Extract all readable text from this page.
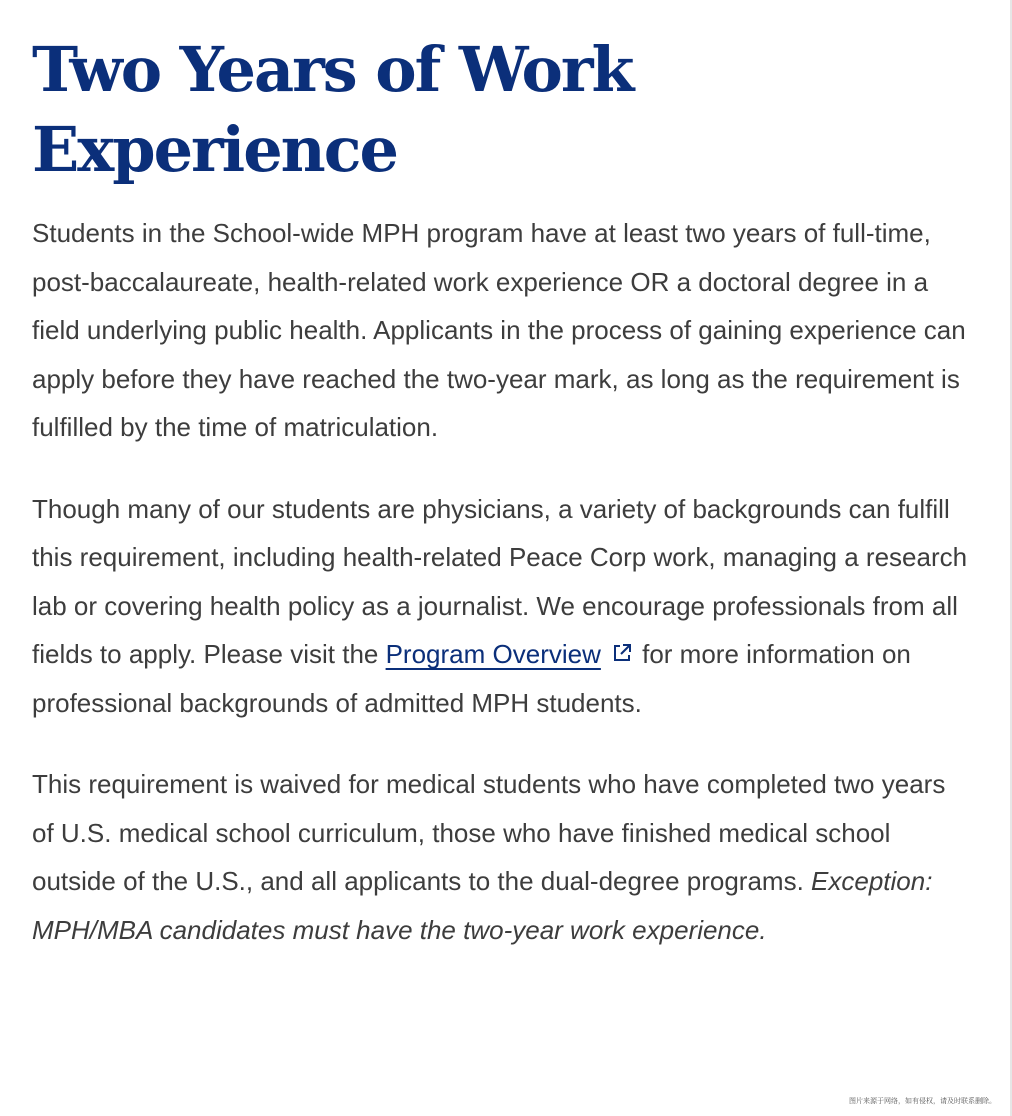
Two Years of Work
Experience

Students in the School-wide MPH program have at least two years of full-time, post-baccalaureate, health-related work experience OR a doctoral degree in a field underlying public health. Applicants in the process of gaining experience can apply before they have reached the two-year mark, as long as the requirement is fulfilled by the time of matriculation.

Though many of our students are physicians, a variety of backgrounds can fulfill this requirement, including health-related Peace Corp work, managing a research lab or covering health policy as a journalist. We encourage professionals from all fields to apply. Please visit the Program Overview for more information on professional backgrounds of admitted MPH students.

This requirement is waived for medical students who have completed two years of U.S. medical school curriculum, those who have finished medical school outside of the U.S., and all applicants to the dual-degree programs. Exception: MPH/MBA candidates must have the two-year work experience.

图片来源于网络，如有侵权，请及时联系删除。
